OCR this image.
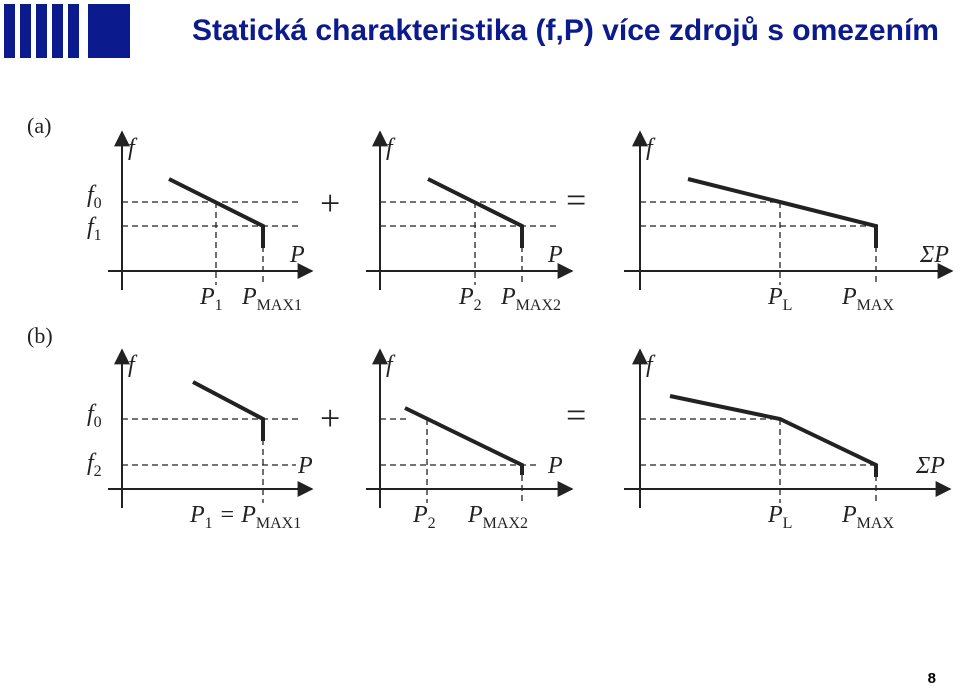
Statická charakteristika (f,P) více zdrojů s omezením
(a)
(b)
+	=
+	=
f
P
$f_0$
$f_1$
$P_1$ $P_{MAX1}$
f
P
$P_2$ $P_{MAX2}$
f
ΣP
$P_L$ $P_{MAX}$
f
P
$f_0$
$f_2$
$P_1 = P_{MAX1}$
f
P
$P_2$ $P_{MAX2}$
f
ΣP
$P_L$ $P_{MAX}$
8
